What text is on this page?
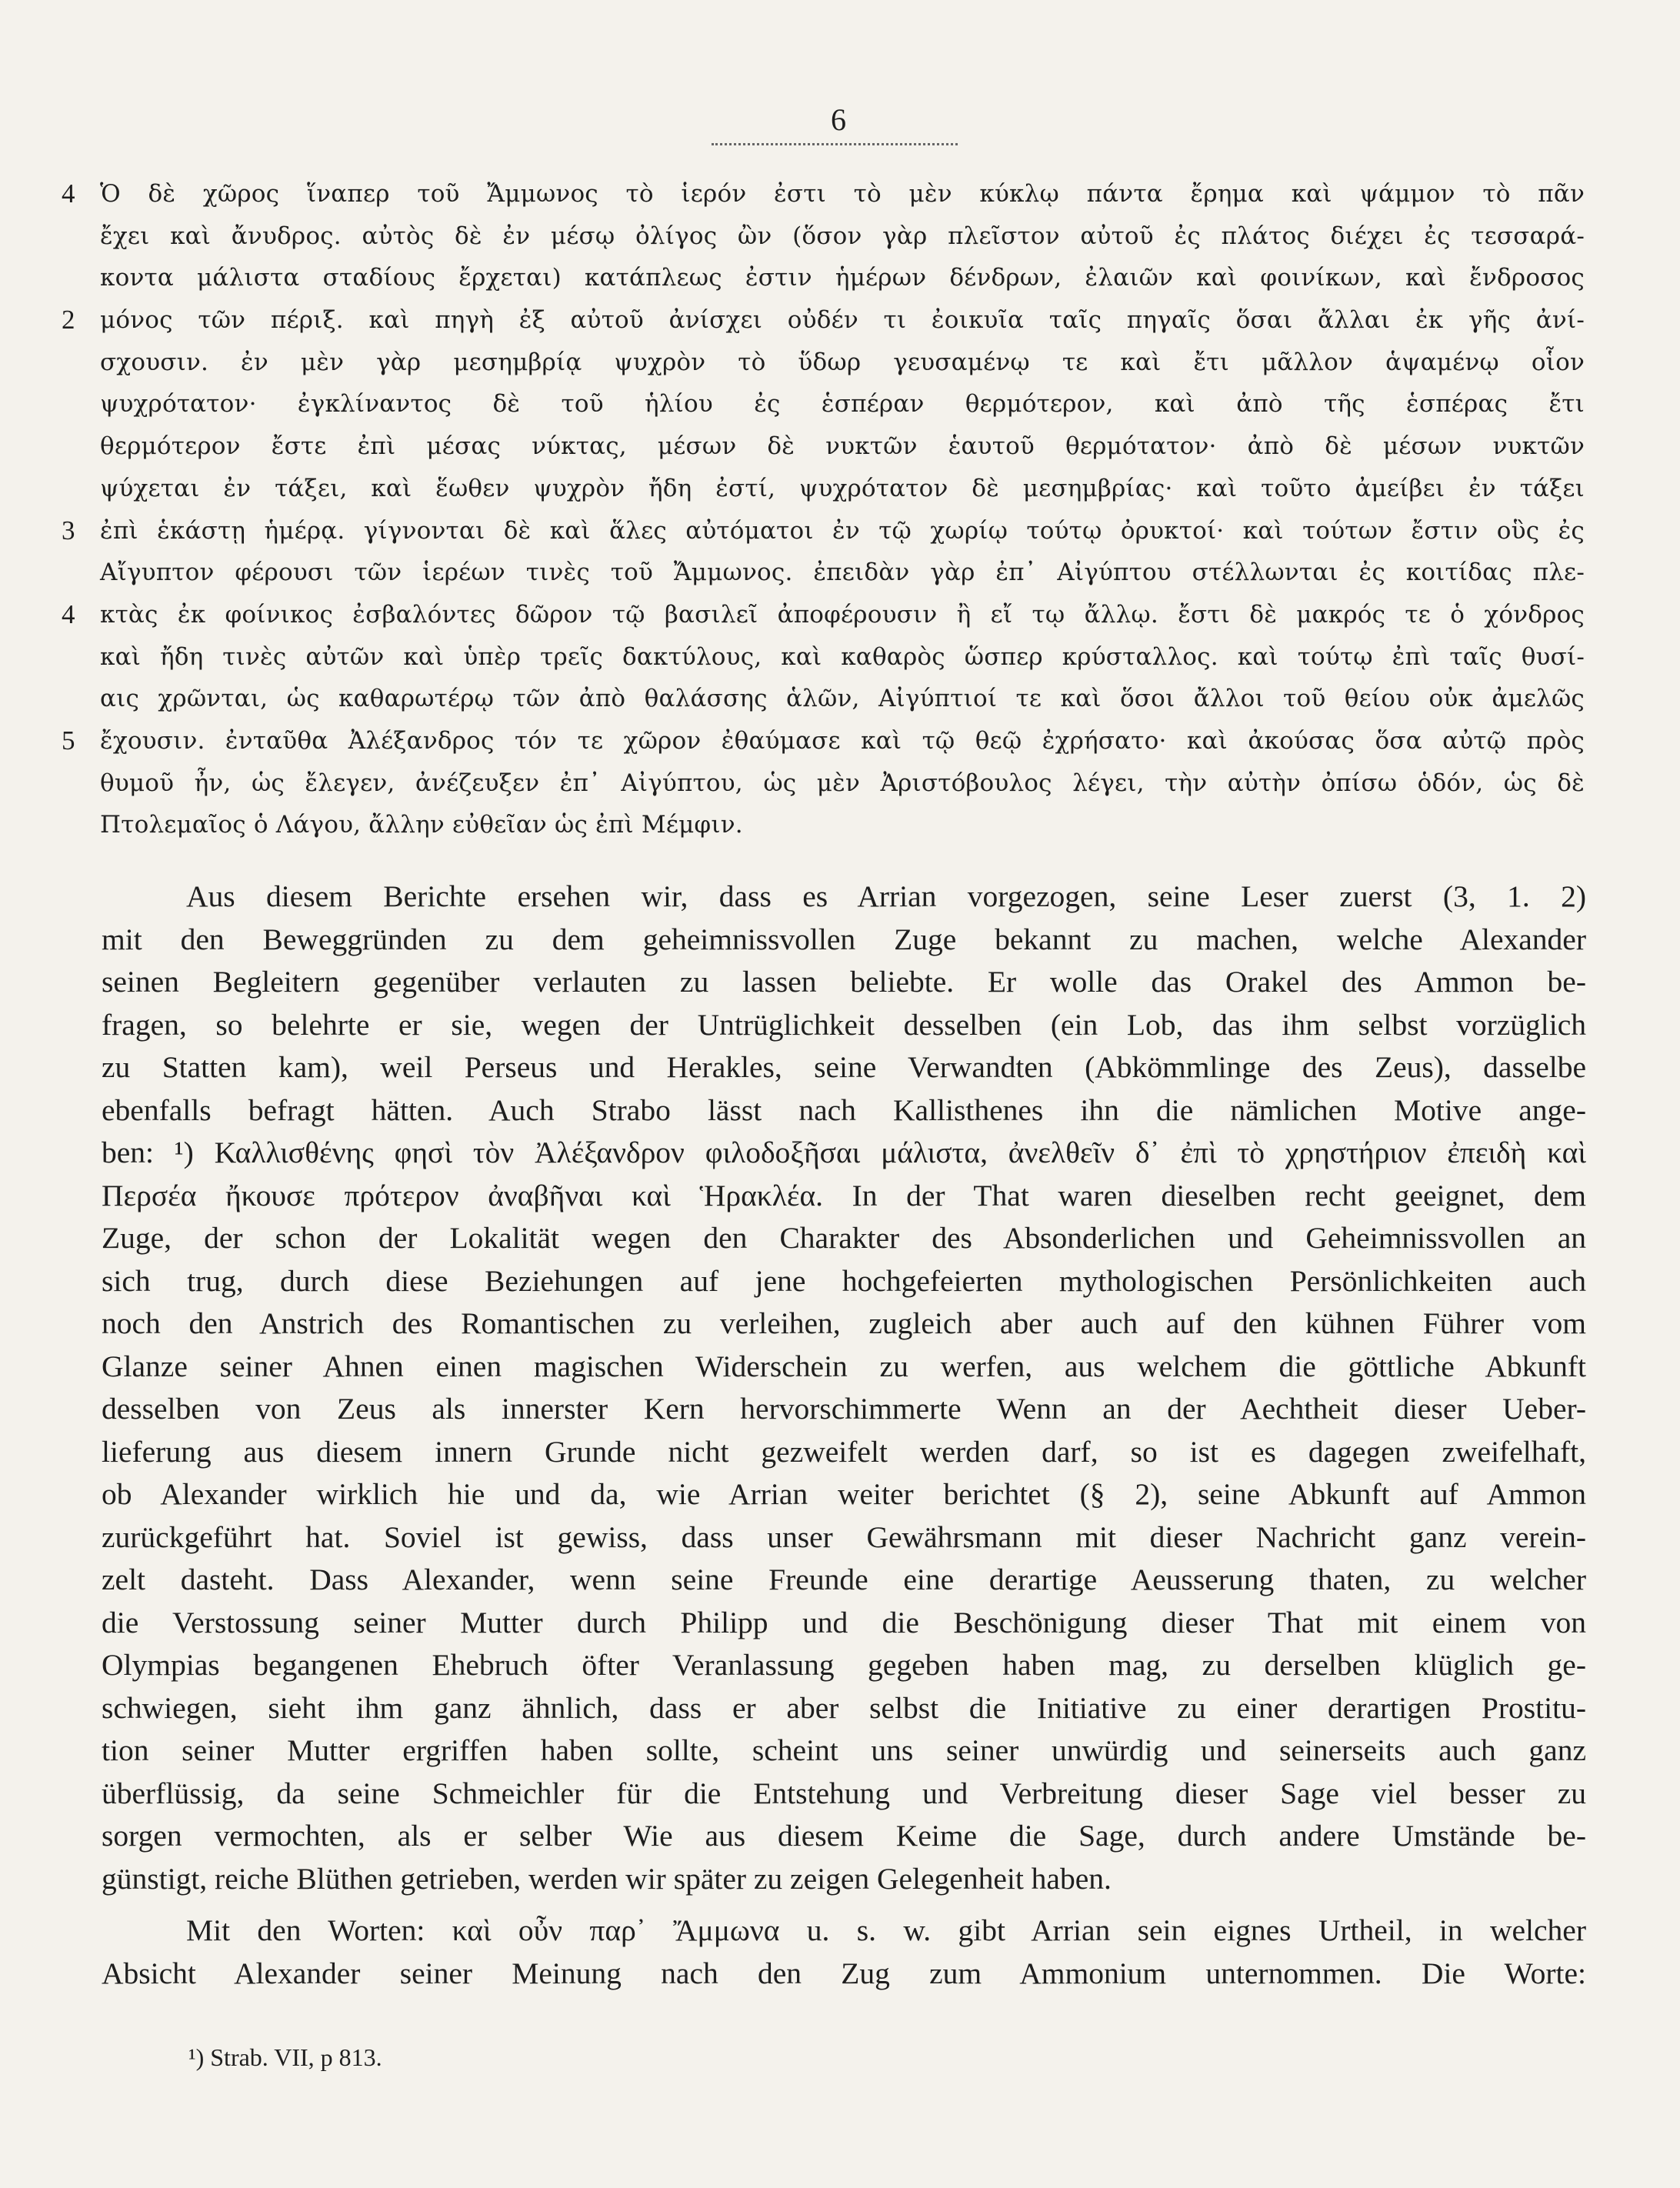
6
4 Ὁ δὲ χῶρος ἵναπερ τοῦ Ἄμμωνος τὸ ἱερόν ἐστι τὸ μὲν κύκλῳ πάντα ἔρημα καὶ ψάμμον τὸ πᾶν
ἔχει καὶ ἄνυδρος. αὐτὸς δὲ ἐν μέσῳ ὀλίγος ὢν (ὅσον γὰρ πλεῖστον αὐτοῦ ἐς πλάτος διέχει ἐς τεσσαρά-
κοντα μάλιστα σταδίους ἔρχεται) κατάπλεως ἐστιν ἡμέρων δένδρων, ἐλαιῶν καὶ φοινίκων, καὶ ἔνδροσος
2 μόνος τῶν πέριξ. καὶ πηγὴ ἐξ αὐτοῦ ἀνίσχει οὐδέν τι ἐοικυῖα ταῖς πηγαῖς ὅσαι ἄλλαι ἐκ γῆς ἀνί-
σχουσιν. ἐν μὲν γὰρ μεσημβρίᾳ ψυχρὸν τὸ ὕδωρ γευσαμένῳ τε καὶ ἔτι μᾶλλον ἁψαμένῳ οἷον
ψυχρότατον· ἐγκλίναντος δὲ τοῦ ἡλίου ἐς ἑσπέραν θερμότερον, καὶ ἀπὸ τῆς ἑσπέρας ἔτι
θερμότερον ἔστε ἐπὶ μέσας νύκτας, μέσων δὲ νυκτῶν ἑαυτοῦ θερμότατον· ἀπὸ δὲ μέσων νυκτῶν
ψύχεται ἐν τάξει, καὶ ἕωθεν ψυχρὸν ἤδη ἐστί, ψυχρότατον δὲ μεσημβρίας· καὶ τοῦτο ἀμείβει ἐν τάξει
3 ἐπὶ ἑκάστῃ ἡμέρᾳ. γίγνονται δὲ καὶ ἅλες αὐτόματοι ἐν τῷ χωρίῳ τούτῳ ὀρυκτοί· καὶ τούτων ἔστιν οὓς ἐς
Αἴγυπτον φέρουσι τῶν ἱερέων τινὲς τοῦ Ἄμμωνος. ἐπειδὰν γὰρ ἐπ᾿ Αἰγύπτου στέλλωνται ἐς κοιτίδας πλε-
4 κτὰς ἐκ φοίνικος ἐσβαλόντες δῶρον τῷ βασιλεῖ ἀποφέρουσιν ἢ εἴ τῳ ἄλλῳ. ἔστι δὲ μακρός τε ὁ χόνδρος
καὶ ἤδη τινὲς αὐτῶν καὶ ὑπὲρ τρεῖς δακτύλους, καὶ καθαρὸς ὥσπερ κρύσταλλος. καὶ τούτῳ ἐπὶ ταῖς θυσί-
αις χρῶνται, ὡς καθαρωτέρῳ τῶν ἀπὸ θαλάσσης ἁλῶν, Αἰγύπτιοί τε καὶ ὅσοι ἄλλοι τοῦ θείου οὐκ ἀμελῶς
5 ἔχουσιν. ἐνταῦθα Ἀλέξανδρος τόν τε χῶρον ἐθαύμασε καὶ τῷ θεῷ ἐχρήσατο· καὶ ἀκούσας ὅσα αὐτῷ πρὸς
θυμοῦ ἦν, ὡς ἔλεγεν, ἀνέζευξεν ἐπ᾿ Αἰγύπτου, ὡς μὲν Ἀριστόβουλος λέγει, τὴν αὐτὴν ὀπίσω ὁδόν, ὡς δὲ
Πτολεμαῖος ὁ Λάγου, ἄλλην εὐθεῖαν ὡς ἐπὶ Μέμφιν.
Aus diesem Berichte ersehen wir, dass es Arrian vorgezogen, seine Leser zuerst (3, 1. 2)
mit den Beweggründen zu dem geheimnissvollen Zuge bekannt zu machen, welche Alexander
seinen Begleitern gegenüber verlauten zu lassen beliebte. Er wolle das Orakel des Ammon be-
fragen, so belehrte er sie, wegen der Untrüglichkeit desselben (ein Lob, das ihm selbst vorzüglich
zu Statten kam), weil Perseus und Herakles, seine Verwandten (Abkömmlinge des Zeus), dasselbe
ebenfalls befragt hätten. Auch Strabo lässt nach Kallisthenes ihn die nämlichen Motive ange-
ben: ¹) Καλλισθένης φησὶ τὸν Ἀλέξανδρον φιλοδοξῆσαι μάλιστα, ἀνελθεῖν δ᾿ ἐπὶ τὸ χρηστήριον ἐπειδὴ καὶ
Περσέα ἤκουσε πρότερον ἀναβῆναι καὶ Ἡρακλέα. In der That waren dieselben recht geeignet, dem
Zuge, der schon der Lokalität wegen den Charakter des Absonderlichen und Geheimnissvollen an
sich trug, durch diese Beziehungen auf jene hochgefeierten mythologischen Persönlichkeiten auch
noch den Anstrich des Romantischen zu verleihen, zugleich aber auch auf den kühnen Führer vom
Glanze seiner Ahnen einen magischen Widerschein zu werfen, aus welchem die göttliche Abkunft
desselben von Zeus als innerster Kern hervorschimmerte Wenn an der Aechtheit dieser Ueber-
lieferung aus diesem innern Grunde nicht gezweifelt werden darf, so ist es dagegen zweifelhaft,
ob Alexander wirklich hie und da, wie Arrian weiter berichtet (§ 2), seine Abkunft auf Ammon
zurückgeführt hat. Soviel ist gewiss, dass unser Gewährsmann mit dieser Nachricht ganz verein-
zelt dasteht. Dass Alexander, wenn seine Freunde eine derartige Aeusserung thaten, zu welcher
die Verstossung seiner Mutter durch Philipp und die Beschönigung dieser That mit einem von
Olympias begangenen Ehebruch öfter Veranlassung gegeben haben mag, zu derselben klüglich ge-
schwiegen, sieht ihm ganz ähnlich, dass er aber selbst die Initiative zu einer derartigen Prostitu-
tion seiner Mutter ergriffen haben sollte, scheint uns seiner unwürdig und seinerseits auch ganz
überflüssig, da seine Schmeichler für die Entstehung und Verbreitung dieser Sage viel besser zu
sorgen vermochten, als er selber Wie aus diesem Keime die Sage, durch andere Umstände be-
günstigt, reiche Blüthen getrieben, werden wir später zu zeigen Gelegenheit haben.
Mit den Worten: καὶ οὖν παρ᾿ Ἄμμωνα u. s. w. gibt Arrian sein eignes Urtheil, in welcher
Absicht Alexander seiner Meinung nach den Zug zum Ammonium unternommen. Die Worte:
¹) Strab. VII, p 813.
